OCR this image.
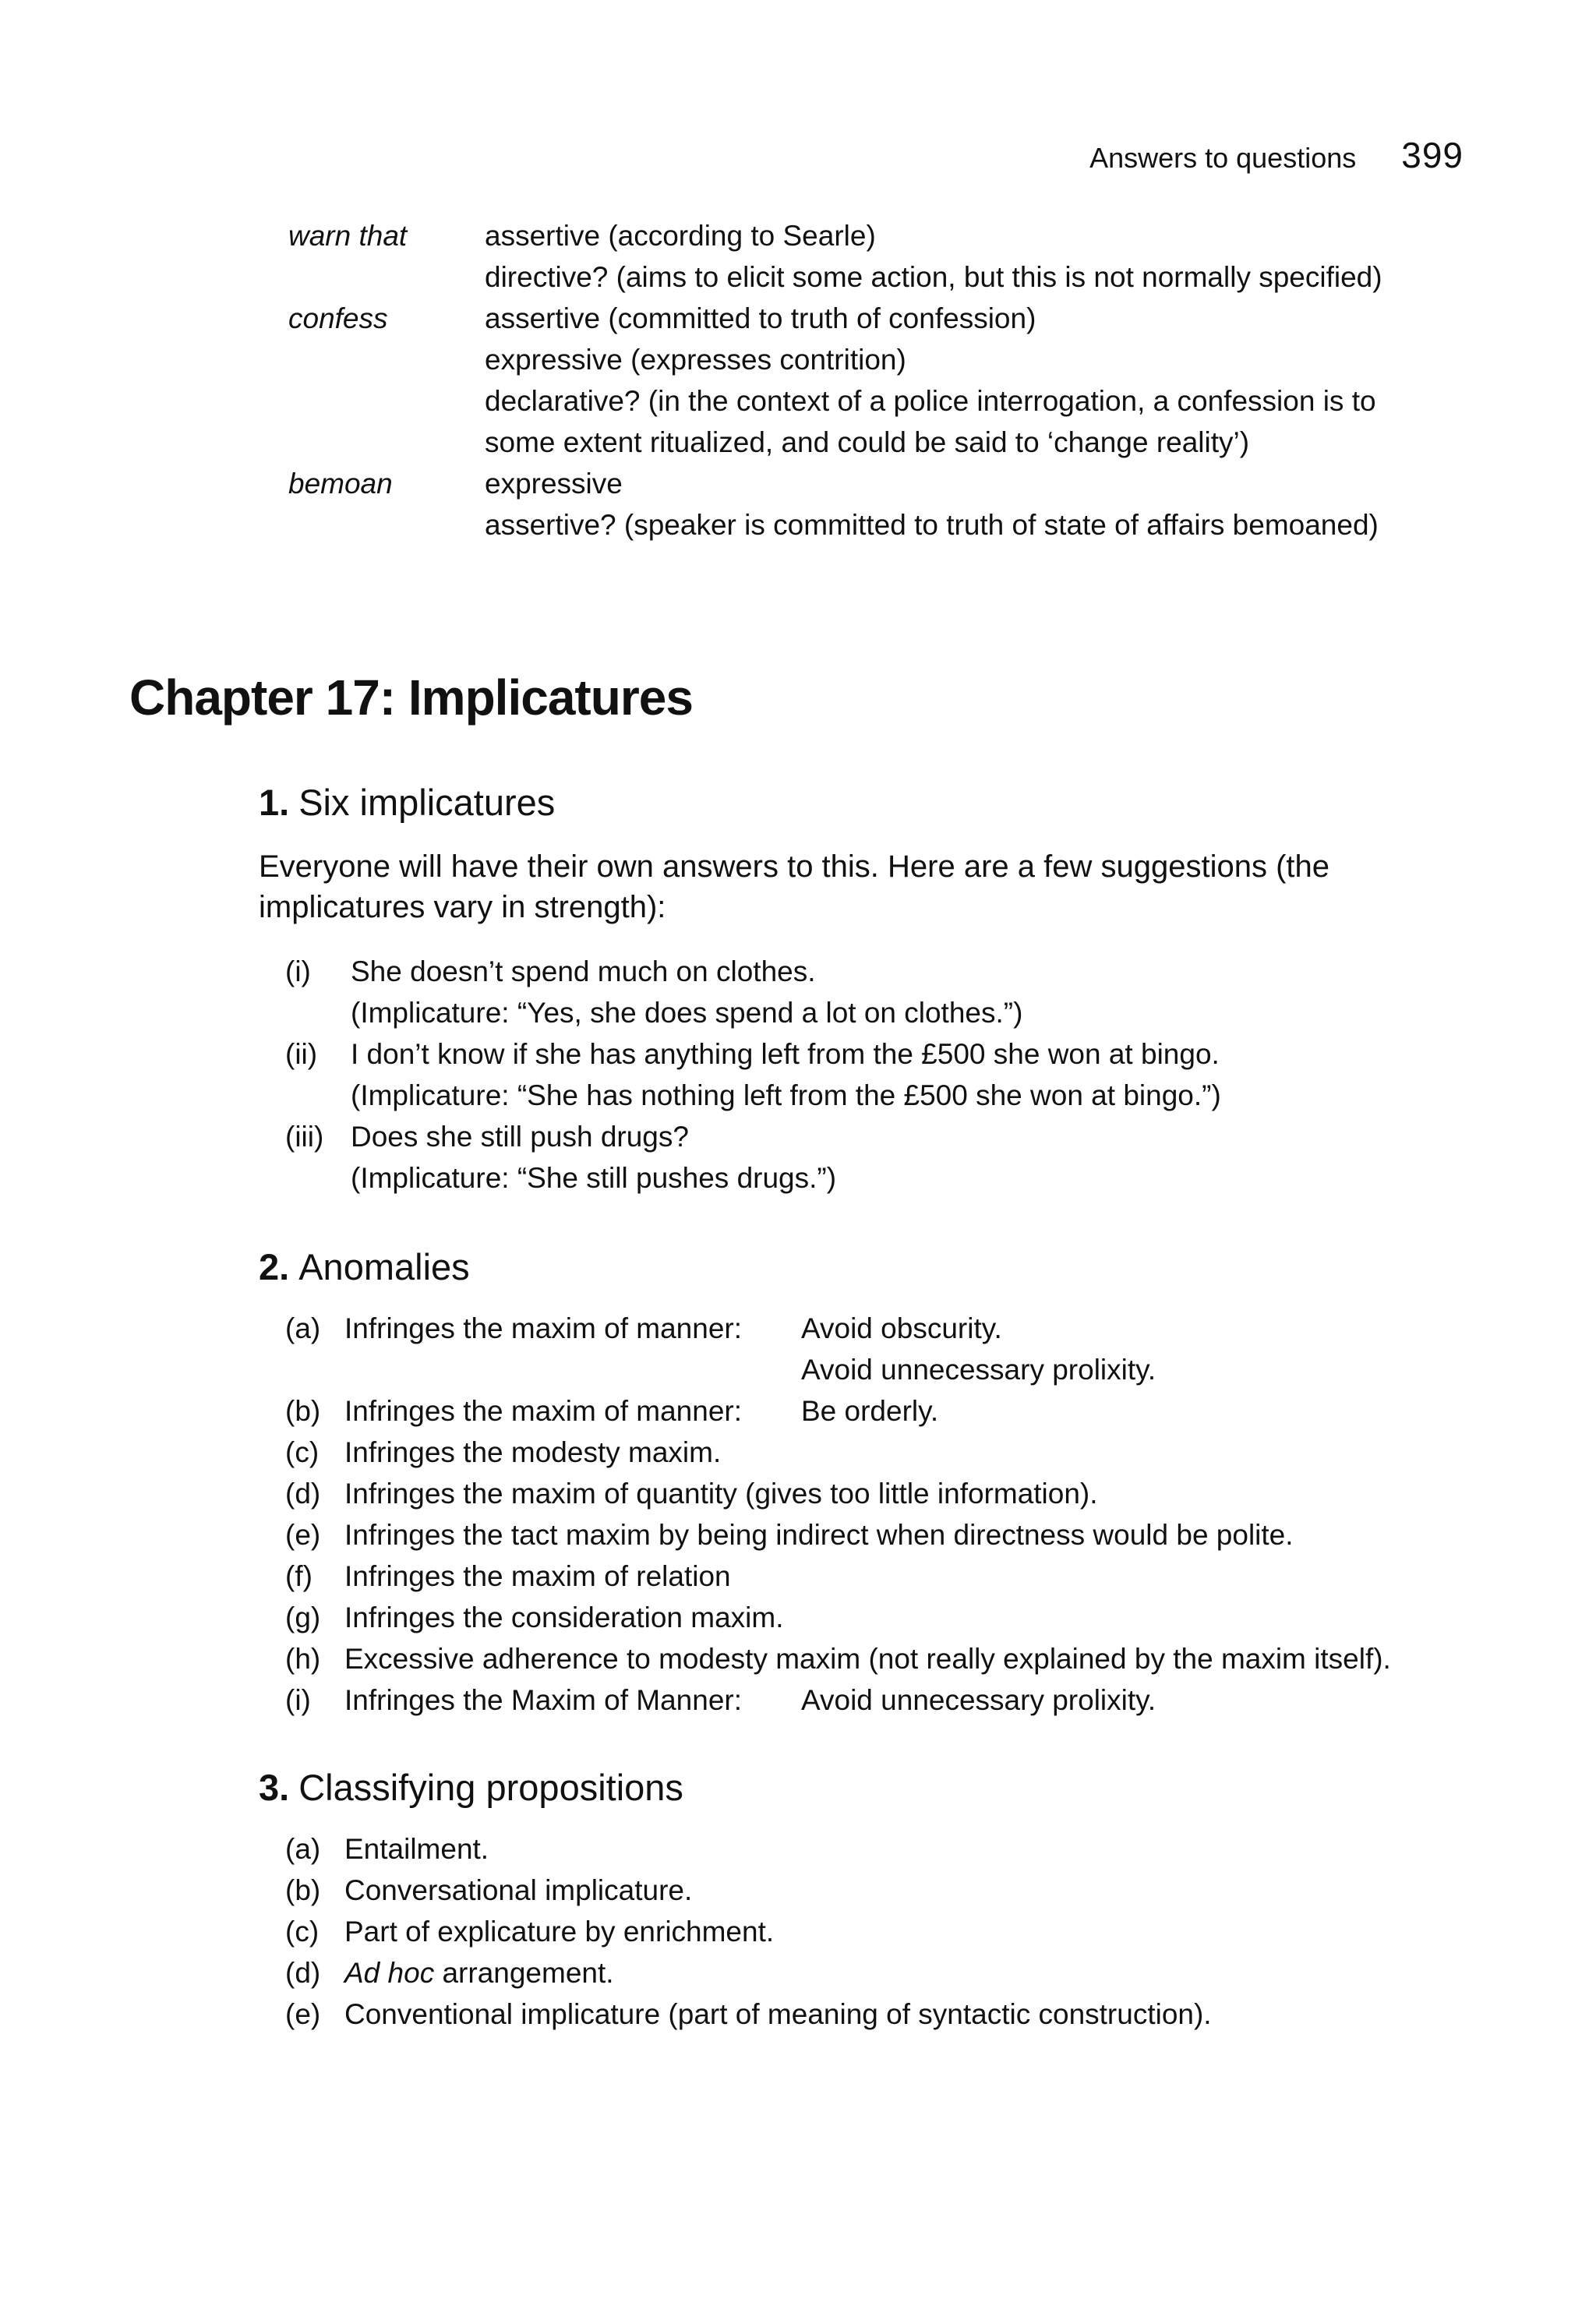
Answers to questions 399
warn that	assertive (according to Searle)
directive? (aims to elicit some action, but this is not normally specified)
confess	assertive (committed to truth of confession)
expressive (expresses contrition)
declarative? (in the context of a police interrogation, a confession is to
some extent ritualized, and could be said to ‘change reality’)
bemoan	expressive
assertive? (speaker is committed to truth of state of affairs bemoaned)
Chapter 17: Implicatures
1. Six implicatures
Everyone will have their own answers to this. Here are a few suggestions (the implicatures vary in strength):
(i)	She doesn’t spend much on clothes.
(Implicature: “Yes, she does spend a lot on clothes.”)
(ii)	I don’t know if she has anything left from the £500 she won at bingo.
(Implicature: “She has nothing left from the £500 she won at bingo.”)
(iii) Does she still push drugs?
(Implicature: “She still pushes drugs.”)
2. Anomalies
(a) Infringes the maxim of manner: Avoid obscurity.
Avoid unnecessary prolixity.
(b) Infringes the maxim of manner: Be orderly.
(c) Infringes the modesty maxim.
(d) Infringes the maxim of quantity (gives too little information).
(e) Infringes the tact maxim by being indirect when directness would be polite.
(f)	Infringes the maxim of relation
(g) Infringes the consideration maxim.
(h) Excessive adherence to modesty maxim (not really explained by the maxim itself).
(i)	Infringes the Maxim of Manner: Avoid unnecessary prolixity.
3. Classifying propositions
(a) Entailment.
(b) Conversational implicature.
(c) Part of explicature by enrichment.
(d) Ad hoc arrangement.
(e) Conventional implicature (part of meaning of syntactic construction).
